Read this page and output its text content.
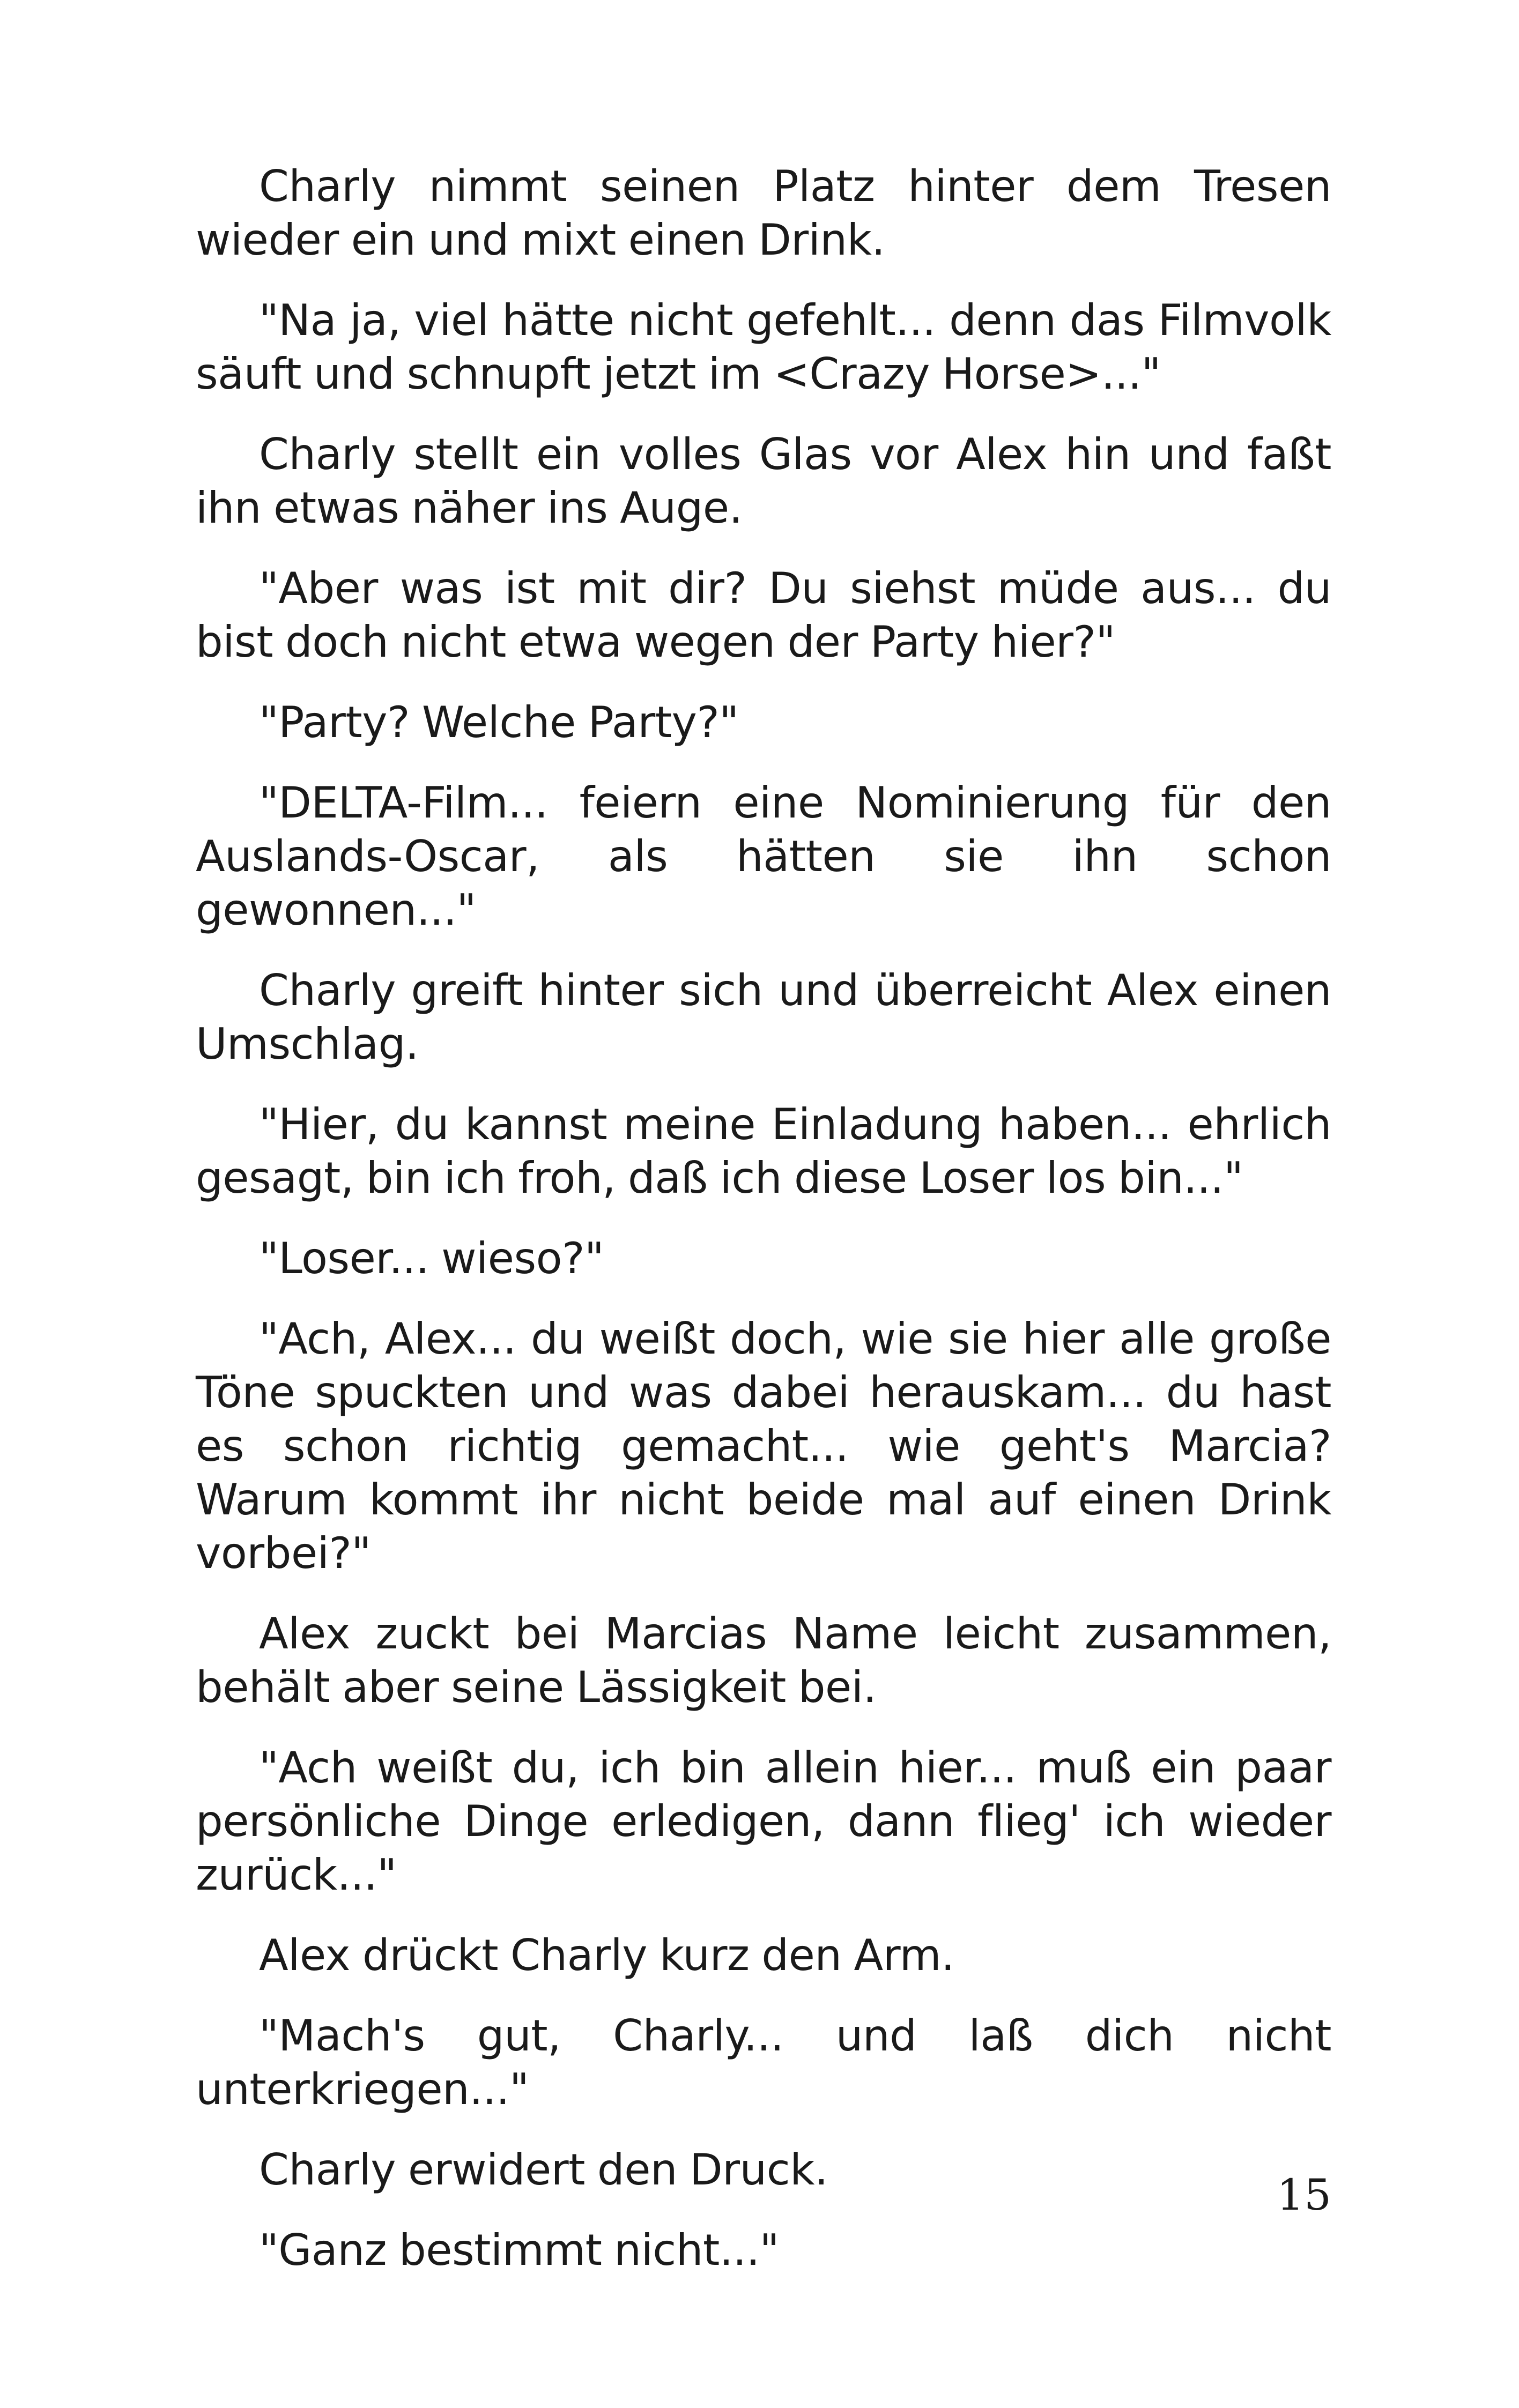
Charly nimmt seinen Platz hinter dem Tresen wieder ein und mixt einen Drink.

"Na ja, viel hätte nicht gefehlt... denn das Filmvolk säuft und schnupft jetzt im <Crazy Horse>..."

Charly stellt ein volles Glas vor Alex hin und faßt ihn etwas näher ins Auge.

"Aber was ist mit dir? Du siehst müde aus... du bist doch nicht etwa wegen der Party hier?"

"Party? Welche Party?"

"DELTA-Film... feiern eine Nominierung für den Auslands-Oscar, als hätten sie ihn schon gewonnen..."

Charly greift hinter sich und überreicht Alex einen Umschlag.

"Hier, du kannst meine Einladung haben... ehrlich gesagt, bin ich froh, daß ich diese Loser los bin..."

"Loser... wieso?"

"Ach, Alex... du weißt doch, wie sie hier alle große Töne spuckten und was dabei herauskam... du hast es schon richtig gemacht... wie geht's Marcia? Warum kommt ihr nicht beide mal auf einen Drink vorbei?"

Alex zuckt bei Marcias Name leicht zusammen, behält aber seine Lässigkeit bei.

"Ach weißt du, ich bin allein hier... muß ein paar persönliche Dinge erledigen, dann flieg' ich wieder zurück..."

Alex drückt Charly kurz den Arm.

"Mach's gut, Charly... und laß dich nicht unterkriegen..."

Charly erwidert den Druck.

"Ganz bestimmt nicht..."

15
